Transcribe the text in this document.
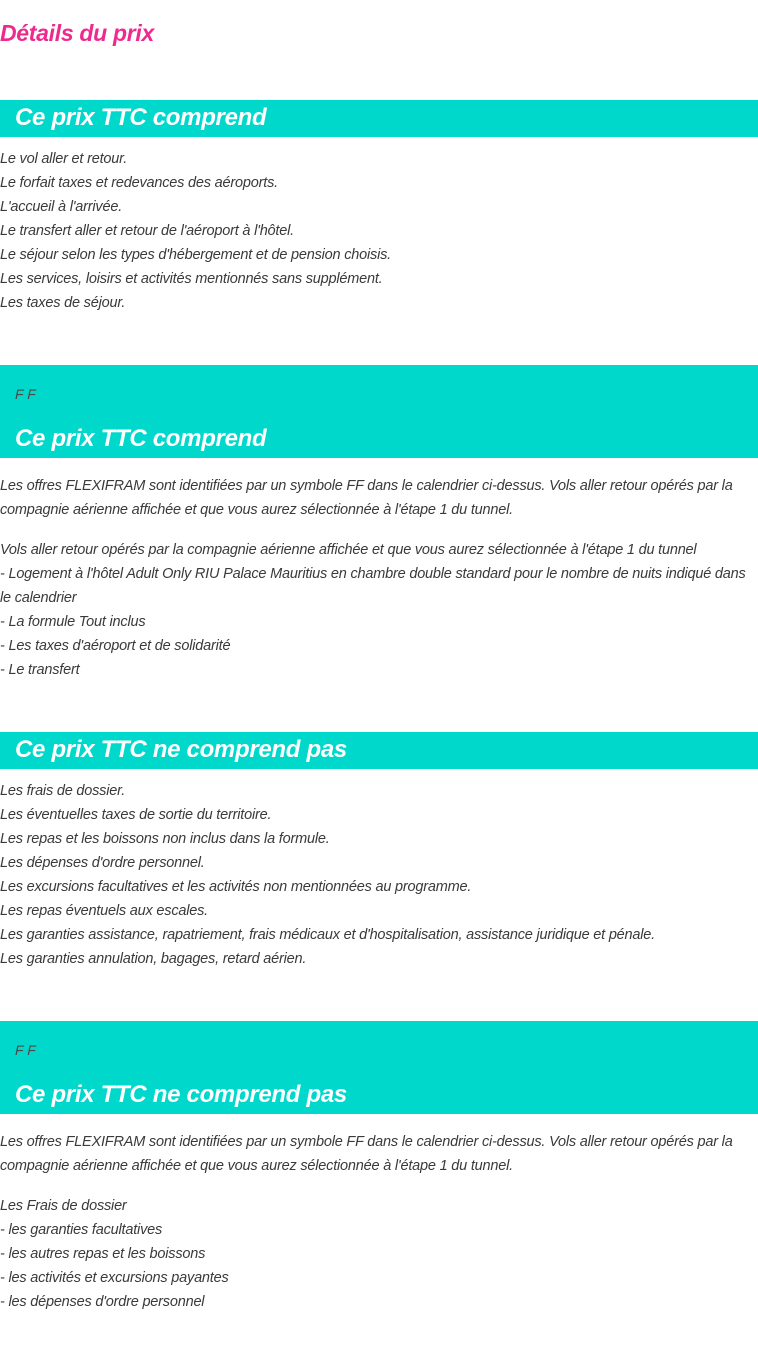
Détails du prix
Ce prix TTC comprend
Le vol aller et retour.
Le forfait taxes et redevances des aéroports.
L'accueil à l'arrivée.
Le transfert aller et retour de l'aéroport à l'hôtel.
Le séjour selon les types d'hébergement et de pension choisis.
Les services, loisirs et activités mentionnés sans supplément.
Les taxes de séjour.
F F
Ce prix TTC comprend
Les offres FLEXIFRAM sont identifiées par un symbole FF dans le calendrier ci-dessus. Vols aller retour opérés par la compagnie aérienne affichée et que vous aurez sélectionnée à l'étape 1 du tunnel.
Vols aller retour opérés par la compagnie aérienne affichée et que vous aurez sélectionnée à l'étape 1 du tunnel
- Logement à l'hôtel Adult Only RIU Palace Mauritius en chambre double standard pour le nombre de nuits indiqué dans le calendrier
- La formule Tout inclus
- Les taxes d'aéroport et de solidarité
- Le transfert
Ce prix TTC ne comprend pas
Les frais de dossier.
Les éventuelles taxes de sortie du territoire.
Les repas et les boissons non inclus dans la formule.
Les dépenses d'ordre personnel.
Les excursions facultatives et les activités non mentionnées au programme.
Les repas éventuels aux escales.
Les garanties assistance, rapatriement, frais médicaux et d'hospitalisation, assistance juridique et pénale.
Les garanties annulation, bagages, retard aérien.
F F
Ce prix TTC ne comprend pas
Les offres FLEXIFRAM sont identifiées par un symbole FF dans le calendrier ci-dessus. Vols aller retour opérés par la compagnie aérienne affichée et que vous aurez sélectionnée à l'étape 1 du tunnel.
Les Frais de dossier
- les garanties facultatives
- les autres repas et les boissons
- les activités et excursions payantes
- les dépenses d'ordre personnel
